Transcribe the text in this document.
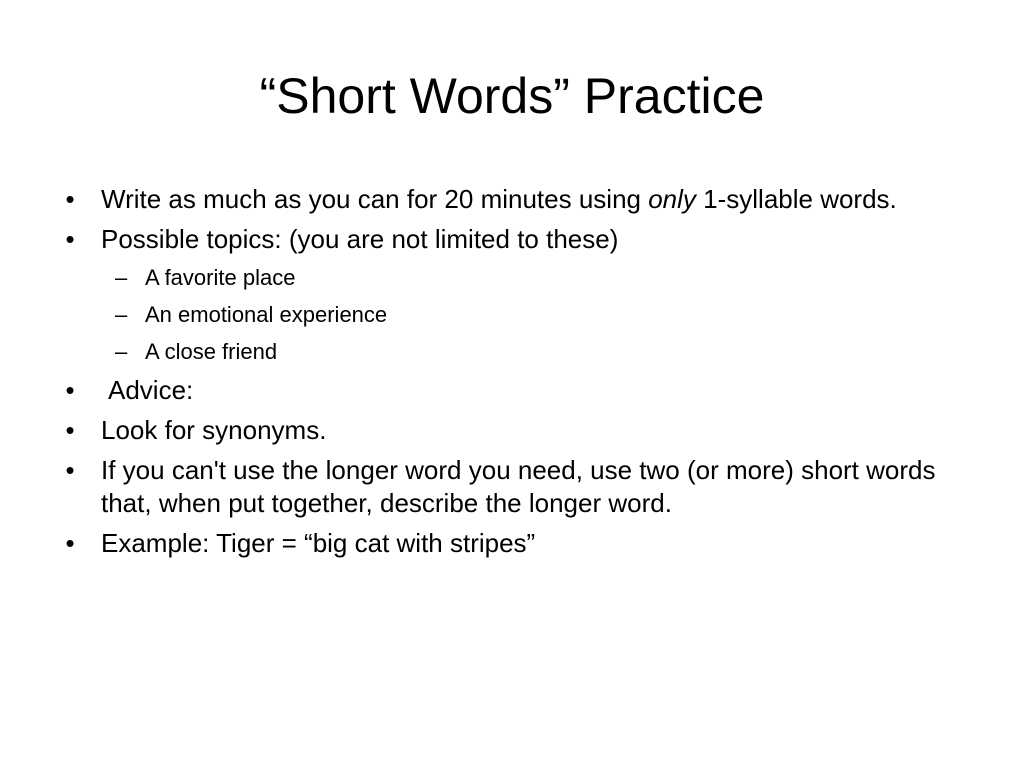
“Short Words” Practice
• Write as much as you can for 20 minutes using only 1-syllable words.
• Possible topics: (you are not limited to these)
– A favorite place
– An emotional experience
– A close friend
• Advice:
• Look for synonyms.
• If you can't use the longer word you need, use two (or more) short words that, when put together, describe the longer word.
• Example: Tiger = “big cat with stripes”
